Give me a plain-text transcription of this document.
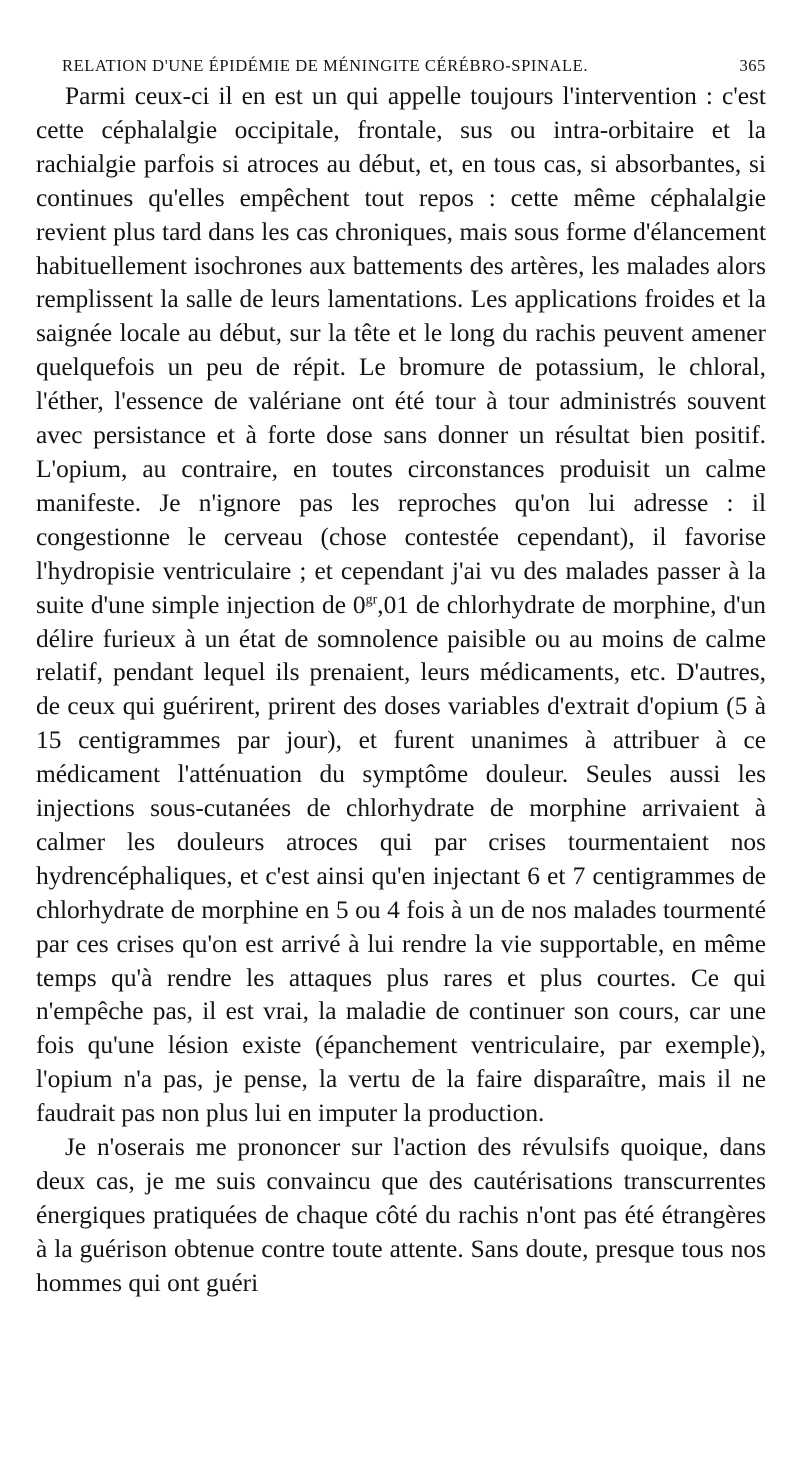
RELATION D'UNE ÉPIDÉMIE DE MÉNINGITE CÉRÉBRO-SPINALE.	365

Parmi ceux-ci il en est un qui appelle toujours l'intervention : c'est cette céphalalgie occipitale, frontale, sus ou intra-orbitaire et la rachialgie parfois si atroces au début, et, en tous cas, si absorbantes, si continues qu'elles empêchent tout repos : cette même céphalalgie revient plus tard dans les cas chroniques, mais sous forme d'élancement habituellement isochrones aux battements des artères, les malades alors remplissent la salle de leurs lamentations. Les applications froides et la saignée locale au début, sur la tête et le long du rachis peuvent amener quelquefois un peu de répit. Le bromure de potassium, le chloral, l'éther, l'essence de valériane ont été tour à tour administrés souvent avec persistance et à forte dose sans donner un résultat bien positif. L'opium, au contraire, en toutes circonstances produisit un calme manifeste. Je n'ignore pas les reproches qu'on lui adresse : il congestionne le cerveau (chose contestée cependant), il favorise l'hydropisie ventriculaire ; et cependant j'ai vu des malades passer à la suite d'une simple injection de $0^{gr},01$ de chlorhydrate de morphine, d'un délire furieux à un état de somnolence paisible ou au moins de calme relatif, pendant lequel ils prenaient, leurs médicaments, etc. D'autres, de ceux qui guérirent, prirent des doses variables d'extrait d'opium (5 à 15 centigrammes par jour), et furent unanimes à attribuer à ce médicament l'atténuation du symptôme douleur. Seules aussi les injections sous-cutanées de chlorhydrate de morphine arrivaient à calmer les douleurs atroces qui par crises tourmentaient nos hydrencéphaliques, et c'est ainsi qu'en injectant 6 et 7 centigrammes de chlorhydrate de morphine en 5 ou 4 fois à un de nos malades tourmenté par ces crises qu'on est arrivé à lui rendre la vie supportable, en même temps qu'à rendre les attaques plus rares et plus courtes. Ce qui n'empêche pas, il est vrai, la maladie de continuer son cours, car une fois qu'une lésion existe (épanchement ventriculaire, par exemple), l'opium n'a pas, je pense, la vertu de la faire disparaître, mais il ne faudrait pas non plus lui en imputer la production.

Je n'oserais me prononcer sur l'action des révulsifs quoique, dans deux cas, je me suis convaincu que des cautérisations transcurrentes énergiques pratiquées de chaque côté du rachis n'ont pas été étrangères à la guérison obtenue contre toute attente. Sans doute, presque tous nos hommes qui ont guéri
